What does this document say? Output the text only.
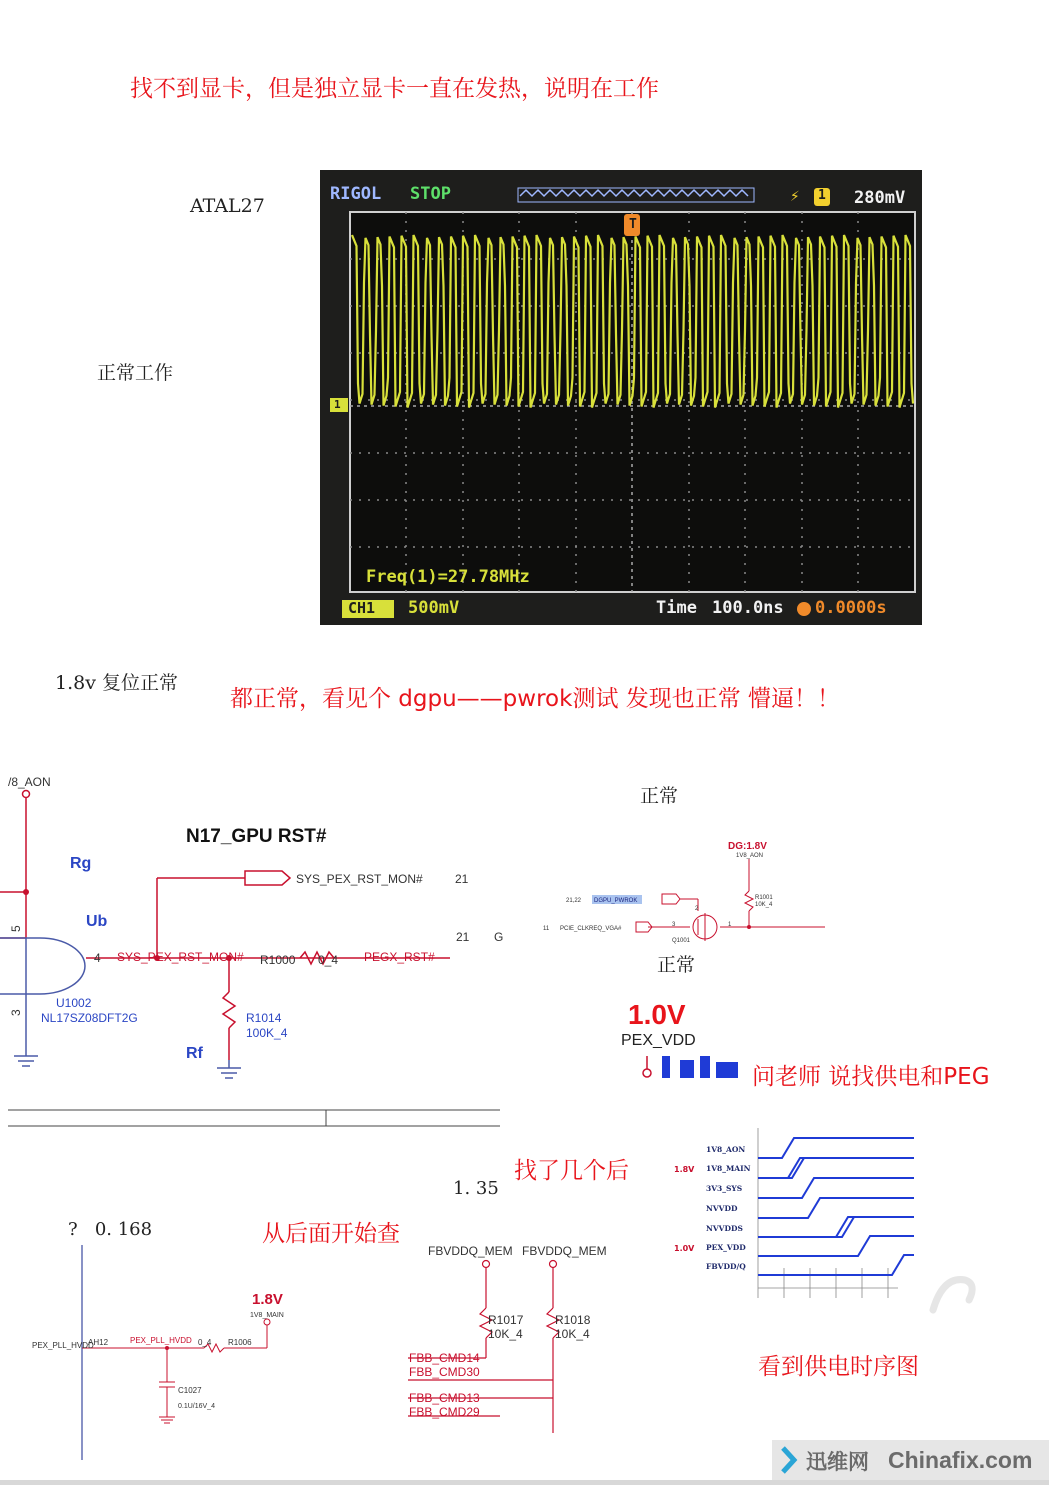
找不到显卡，但是独立显卡一直在发热，说明在工作
ATAL27
正常工作
RIGOL STOP	⚡ 1 280mV
T
1
Freq(1)=27.78MHz
CH1 500mV	Time 100.0ns 0.0000s
1.8v 复位正常
都正常，看见个 dgpu——pwrok测试 发现也正常 懵逼！！
/8_AON
N17_GPU RST#
Rg
Ub
Rf
5
3
4
SYS_PEX_RST_MON#	21
21 G
SYS_PEX_RST_MON# R1000 0_4 PEGX_RST#
U1002
NL17SZ08DFT2G	R1014
100K_4
正常
DG:1.8V
1V8_AON
R1001
10K_4
21,22 DGPU_PWROK
11 PCIE_CLKREQ_VGA#
Q1001
2
3	1
正常
1.0V
PEX_VDD
问老师 说找供电和PEG
1V8_AON
1V8_MAIN
3V3_SYS
NVVDD
NVVDDS
PEX_VDD
FBVDD/Q
1.8V
1.0V
找了几个后
1. 35
?   0. 168	从后面开始查
1.8V
1V8_MAIN
PEX_PLL_HVDD
AH12	PEX_PLL_HVDD 0_4 R1006
C1027
0.1U/16V_4
FBVDDQ_MEM FBVDDQ_MEM
R1017
10K_4
R1018
10K_4
FBB_CMD14
FBB_CMD30
FBB_CMD13
FBB_CMD29
看到供电时序图
迅维网 Chinafix.com
